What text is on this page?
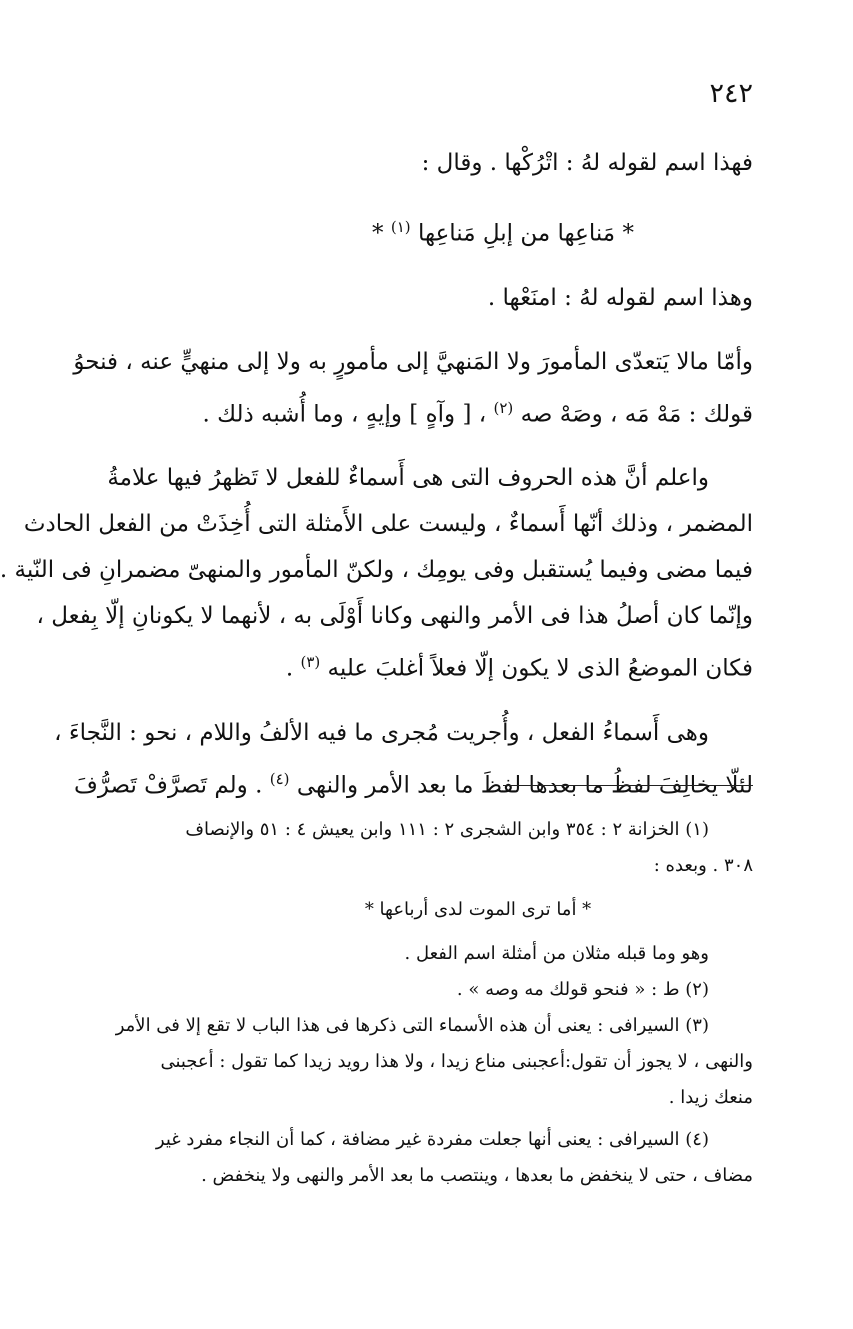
٢٤٢
فهذا اسم لقوله لهُ : اتْرُكْها . وقال :
* مَناعِها من إبلِ مَناعِها $^{(١)}$ *
وهذا اسم لقوله لهُ : امنَعْها .
وأمّا مالا يَتعدّى المأمورَ ولا المَنهيَّ إلى مأمورٍ به ولا إلى منهيٍّ عنه ، فنحوُ
قولك : مَهْ مَه ، وصَهْ صه $^{(٢)}$ ، [ وآهٍ ] وإيهٍ ، وما أُشبه ذلك .
واعلم أنَّ هذه الحروف التى هى أَسماءٌ للفعل لا تَظهرُ فيها علامةُ
المضمر ، وذلك أنّها أَسماءٌ ، وليست على الأَمثلة التى أُخِذَتْ من الفعل الحادث
فيما مضى وفيما يُستقبل وفى يومِك ، ولكنّ المأمور والمنهىّ مضمرانِ فى النّية .
وإنّما كان أصلُ هذا فى الأمر والنهى وكانا أَوْلَى به ، لأنهما لا يكونانِ إلّا بِفعل ،
فكان الموضعُ الذى لا يكون إلّا فعلاً أغلبَ عليه $^{(٣)}$ .
وهى أَسماءُ الفعل ، وأُجريت مُجرى ما فيه الألفُ واللام ، نحو : النَّجاءَ ،
لئلّا يخالِفَ لفظُ ما بعدها لفظَ ما بعد الأمر والنهى $^{(٤)}$ . ولم تَصرَّفْ تَصرُّفَ
(١) الخزانة ٢ : ٣٥٤ وابن الشجرى ٢ : ١١١ وابن يعيش ٤ : ٥١ والإنصاف
٣٠٨ . وبعده :
* أما ترى الموت لدى أرباعها *
وهو وما قبله مثلان من أمثلة اسم الفعل .
(٢) ط : « فنحو قولك مه وصه » .
(٣) السيرافى : يعنى أن هذه الأسماء التى ذكرها فى هذا الباب لا تقع إلا فى الأمر
والنهى ، لا يجوز أن تقول:أعجبنى مناع زيدا ، ولا هذا رويد زيدا كما تقول : أعجبنى
منعك زيدا .
(٤) السيرافى : يعنى أنها جعلت مفردة غير مضافة ، كما أن النجاء مفرد غير
مضاف ، حتى لا ينخفض ما بعدها ، وينتصب ما بعد الأمر والنهى ولا ينخفض .
